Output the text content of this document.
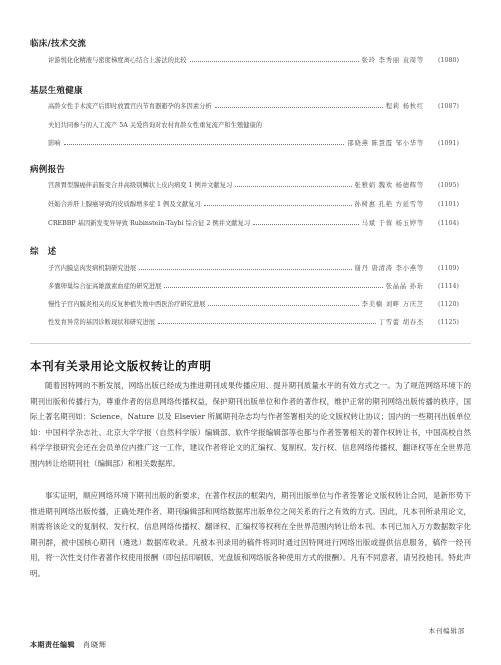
临床/技术交流
评游悦化化精液与密度梯度离心结合上游法的比较	张玲 李秀丽 袁周等	(1080)
基层生殖健康
高龄女性手术流产后即时放置宫内节育器避孕的多因素分析	程莉 杨秋红	(1087)
夫妇共同参与的人工流产 5A 关爱咨询对农村育龄女性重复流产和生殖健康的
影响	邵晓燕 陈慧霞 邹小华等	(1091)
病例报告
宫颈胃型腺癌伴前肠变合并高级别鳞状上皮内病变 1 例并文献复习	张雅娟 魏欢 杨德辉等	(1095)
妊娠合并肝上腺癌导致的皮质醇增多症 1 例及文献复习	孙树惠 孔艳 方延雪等	(1101)
CREBBP 基因新发变异导致 Rubinstein-Taybi 综合征 2 例并文献复习	马斌 于蓉 杨玉婷等	(1104)
综　述
子宫内膜息肉发病机制研究进展	谢丹 唐清涛 李小燕等	(1109)
多囊卵巢综合征高雄激素血症的研究进展	张晶晶 孙珩	(1114)
慢性子宫内膜炎相关的反复种植失败中西医治疗研究进展	李美楠 刘畔 万庆芝	(1120)
性发育异常的基因诊断现状和研究进展	丁雪蕾 胡春杰	(1125)
本刊有关录用论文版权转让的声明
随着因特网的不断发展，网络出版已经成为推进期刊成果传播应用、提升期刊质量水平的有效方式之一。为了规范网络环境下的期刊出版和传播行为，尊重作者的信息网络传播权益，保护期刊出版单位和作者的著作权，维护正常的期刊网络出版传播的秩序，国际上著名期刊如：Science、Nature 以及 Elsevier 所属期刊杂志均与作者签署相关的论文版权转让协议；国内的一些期刊出版单位如：中国科学杂志社、北京大学学报（自然科学版）编辑部、软件学报编辑部等也都与作者签署相关的著作权转让书，中国高校自然科学学报研究会还在会员单位内推广这一工作，建议作者将论文的汇编权、复制权、发行权、信息网络传播权、翻译权等在全世界范围内转让给期刊社（编辑部）和相关数据库。
事实证明，顺应网络环境下期刊出版的新要求，在著作权法的框架内，期刊出版单位与作者签署论文版权转让合同，是新形势下推进期刊网络出版传播，正确处理作者、期刊编辑部和网络数据库出版单位之间关系的行之有效的方式。因此，凡本刊所录用论文，则需将该论文的复制权、发行权、信息网络传播权、翻译权、汇编权等权利在全世界范围内转让给本刊。本刊已加入万方数据数字化期刊群，被中国核心期刊（遴选）数据库收录。凡被本刊录用的稿件将同时通过因特网进行网络出版或提供信息服务，稿件一经刊用，将一次性支付作者著作权使用报酬（即包括印刷版、光盘版和网络版各种使用方式的报酬）。凡有不同意者，请另投他刊。特此声明。
本刊编辑部
本期责任编辑 肖晓辉
